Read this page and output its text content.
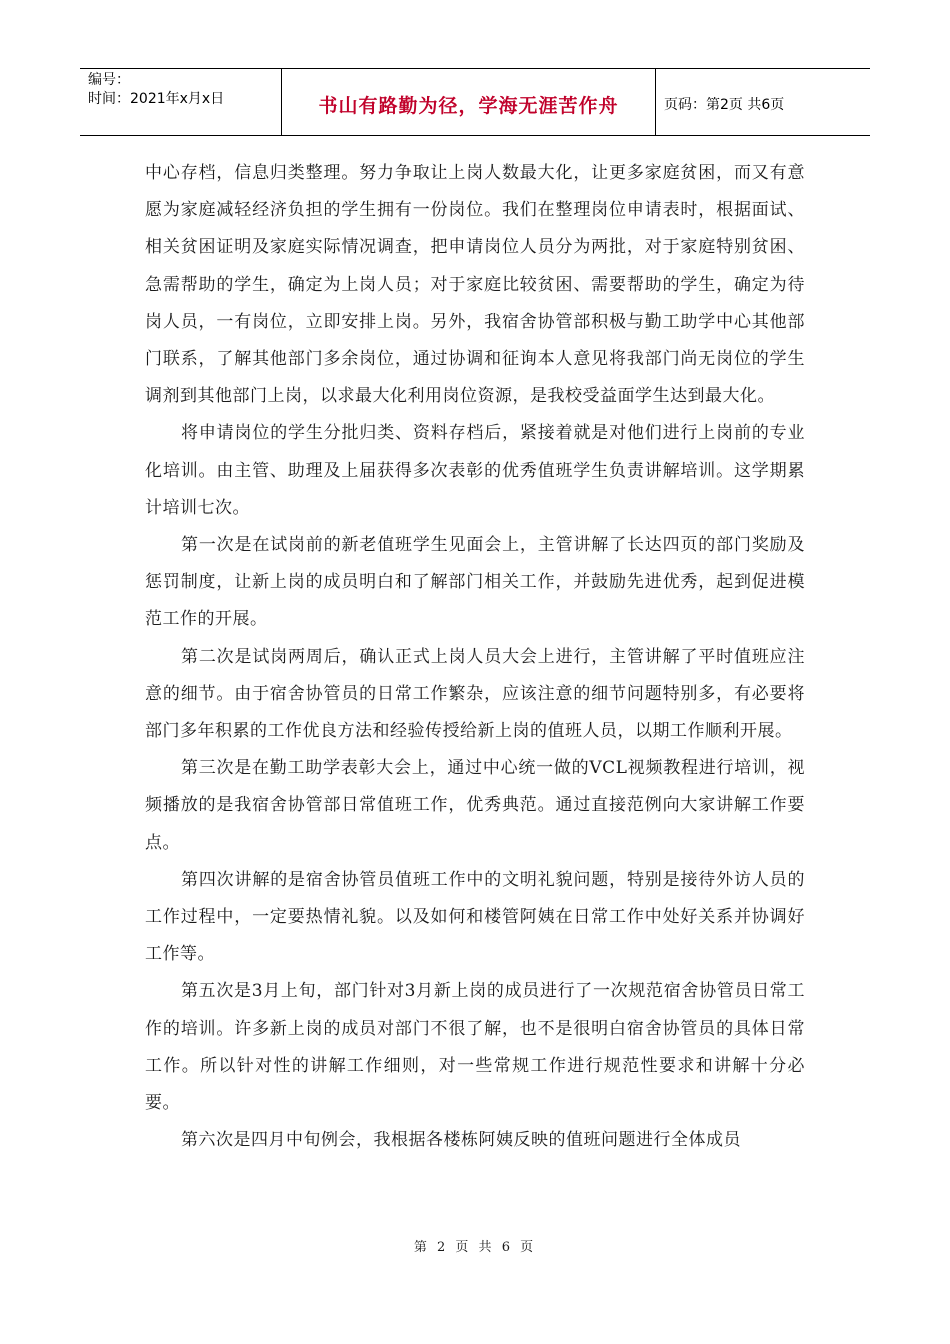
编号：
时间：2021年x月x日	书山有路勤为径，学海无涯苦作舟	页码：第2页 共6页

中心存档，信息归类整理。努力争取让上岗人数最大化，让更多家庭贫困，而又有意愿为家庭减轻经济负担的学生拥有一份岗位。我们在整理岗位申请表时，根据面试、相关贫困证明及家庭实际情况调查，把申请岗位人员分为两批，对于家庭特别贫困、急需帮助的学生，确定为上岗人员；对于家庭比较贫困、需要帮助的学生，确定为待岗人员，一有岗位，立即安排上岗。另外，我宿舍协管部积极与勤工助学中心其他部门联系，了解其他部门多余岗位，通过协调和征询本人意见将我部门尚无岗位的学生调剂到其他部门上岗，以求最大化利用岗位资源，是我校受益面学生达到最大化。

将申请岗位的学生分批归类、资料存档后，紧接着就是对他们进行上岗前的专业化培训。由主管、助理及上届获得多次表彰的优秀值班学生负责讲解培训。这学期累计培训七次。

第一次是在试岗前的新老值班学生见面会上，主管讲解了长达四页的部门奖励及惩罚制度，让新上岗的成员明白和了解部门相关工作，并鼓励先进优秀，起到促进模范工作的开展。

第二次是试岗两周后，确认正式上岗人员大会上进行，主管讲解了平时值班应注意的细节。由于宿舍协管员的日常工作繁杂，应该注意的细节问题特别多，有必要将部门多年积累的工作优良方法和经验传授给新上岗的值班人员，以期工作顺利开展。

第三次是在勤工助学表彰大会上，通过中心统一做的VCL视频教程进行培训，视频播放的是我宿舍协管部日常值班工作，优秀典范。通过直接范例向大家讲解工作要点。

第四次讲解的是宿舍协管员值班工作中的文明礼貌问题，特别是接待外访人员的工作过程中，一定要热情礼貌。以及如何和楼管阿姨在日常工作中处好关系并协调好工作等。

第五次是3月上旬，部门针对3月新上岗的成员进行了一次规范宿舍协管员日常工作的培训。许多新上岗的成员对部门不很了解，也不是很明白宿舍协管员的具体日常工作。所以针对性的讲解工作细则，对一些常规工作进行规范性要求和讲解十分必要。

第六次是四月中旬例会，我根据各楼栋阿姨反映的值班问题进行全体成员

第 2 页 共 6 页
